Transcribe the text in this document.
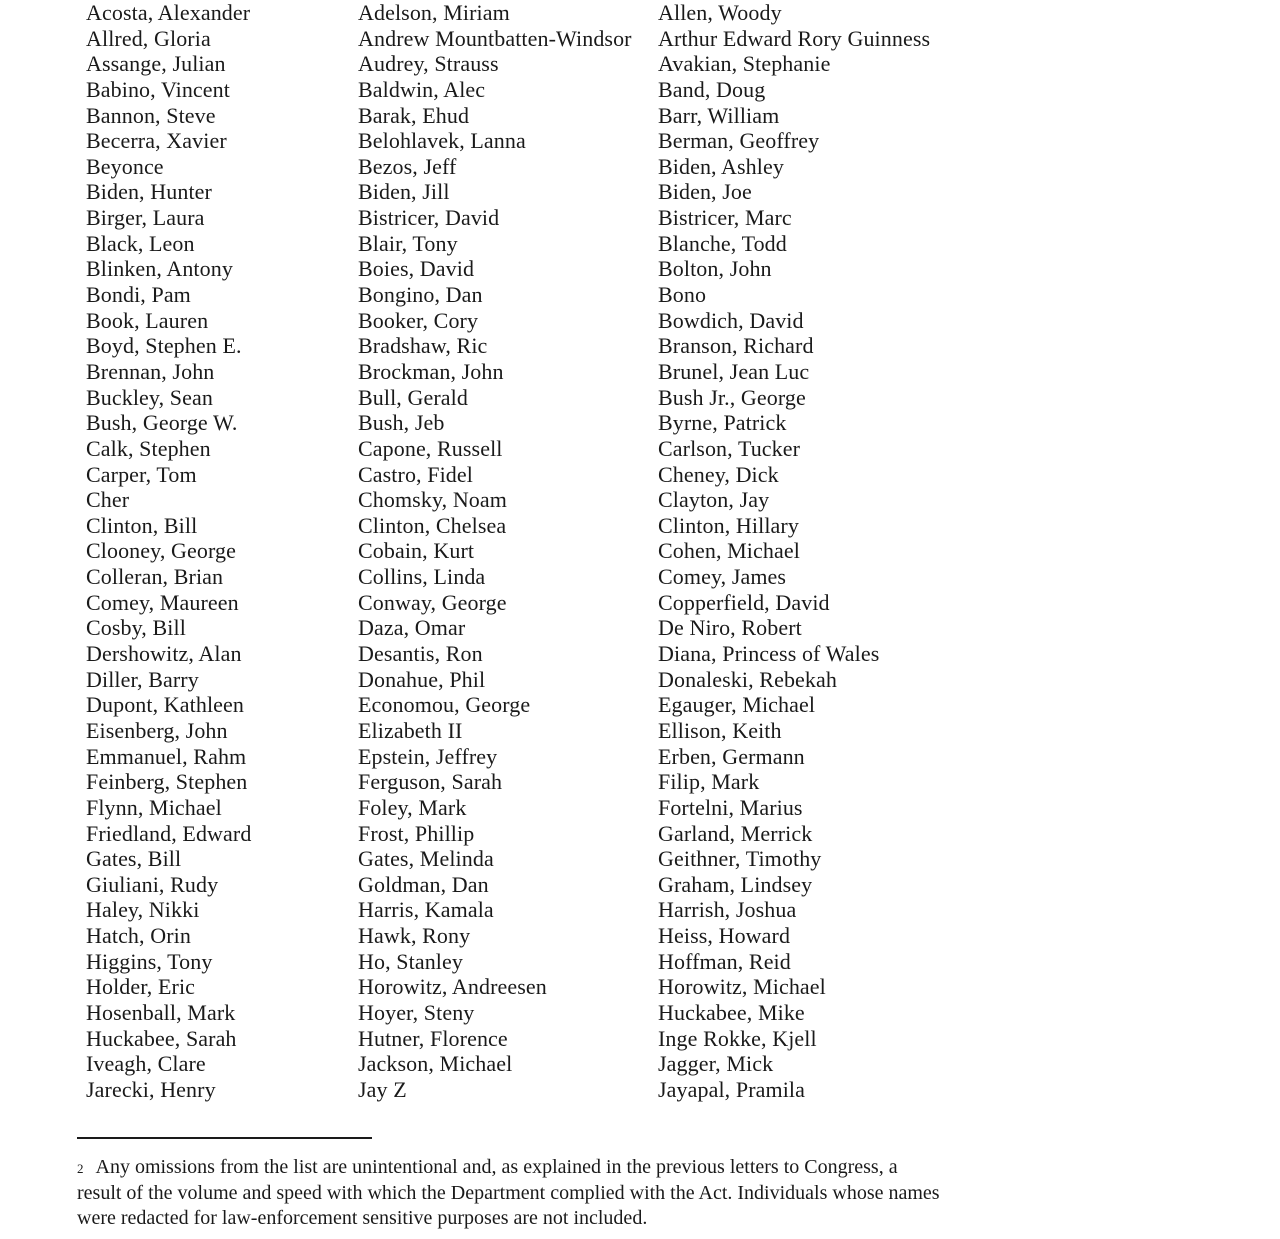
Acosta, Alexander
Allred, Gloria
Assange, Julian
Babino, Vincent
Bannon, Steve
Becerra, Xavier
Beyonce
Biden, Hunter
Birger, Laura
Black, Leon
Blinken, Antony
Bondi, Pam
Book, Lauren
Boyd, Stephen E.
Brennan, John
Buckley, Sean
Bush, George W.
Calk, Stephen
Carper, Tom
Cher
Clinton, Bill
Clooney, George
Colleran, Brian
Comey, Maureen
Cosby, Bill
Dershowitz, Alan
Diller, Barry
Dupont, Kathleen
Eisenberg, John
Emmanuel, Rahm
Feinberg, Stephen
Flynn, Michael
Friedland, Edward
Gates, Bill
Giuliani, Rudy
Haley, Nikki
Hatch, Orin
Higgins, Tony
Holder, Eric
Hosenball, Mark
Huckabee, Sarah
Iveagh, Clare
Jarecki, Henry
Adelson, Miriam
Andrew Mountbatten-Windsor
Audrey, Strauss
Baldwin, Alec
Barak, Ehud
Belohlavek, Lanna
Bezos, Jeff
Biden, Jill
Bistricer, David
Blair, Tony
Boies, David
Bongino, Dan
Booker, Cory
Bradshaw, Ric
Brockman, John
Bull, Gerald
Bush, Jeb
Capone, Russell
Castro, Fidel
Chomsky, Noam
Clinton, Chelsea
Cobain, Kurt
Collins, Linda
Conway, George
Daza, Omar
Desantis, Ron
Donahue, Phil
Economou, George
Elizabeth II
Epstein, Jeffrey
Ferguson, Sarah
Foley, Mark
Frost, Phillip
Gates, Melinda
Goldman, Dan
Harris, Kamala
Hawk, Rony
Ho, Stanley
Horowitz, Andreesen
Hoyer, Steny
Hutner, Florence
Jackson, Michael
Jay Z
Allen, Woody
Arthur Edward Rory Guinness
Avakian, Stephanie
Band, Doug
Barr, William
Berman, Geoffrey
Biden, Ashley
Biden, Joe
Bistricer, Marc
Blanche, Todd
Bolton, John
Bono
Bowdich, David
Branson, Richard
Brunel, Jean Luc
Bush Jr., George
Byrne, Patrick
Carlson, Tucker
Cheney, Dick
Clayton, Jay
Clinton, Hillary
Cohen, Michael
Comey, James
Copperfield, David
De Niro, Robert
Diana, Princess of Wales
Donaleski, Rebekah
Egauger, Michael
Ellison, Keith
Erben, Germann
Filip, Mark
Fortelni, Marius
Garland, Merrick
Geithner, Timothy
Graham, Lindsey
Harrish, Joshua
Heiss, Howard
Hoffman, Reid
Horowitz, Michael
Huckabee, Mike
Inge Rokke, Kjell
Jagger, Mick
Jayapal, Pramila
$^2$ Any omissions from the list are unintentional and, as explained in the previous letters to Congress, a
result of the volume and speed with which the Department complied with the Act. Individuals whose names
were redacted for law-enforcement sensitive purposes are not included.
